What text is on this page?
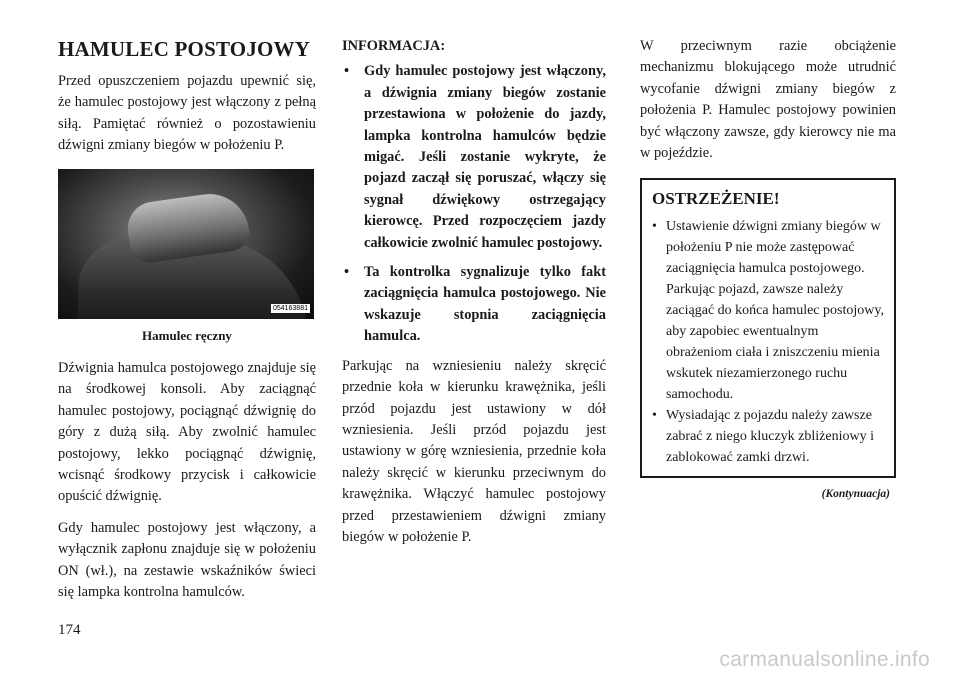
HAMULEC POSTOJOWY

Przed opuszczeniem pojazdu upewnić się, że hamulec postojowy jest włączony z pełną siłą. Pamiętać również o pozostawieniu dźwigni zmiany biegów w położeniu P.

054163881
Hamulec ręczny

Dźwignia hamulca postojowego znajduje się na środkowej konsoli. Aby zaciągnąć hamulec postojowy, pociągnąć dźwignię do góry z dużą siłą. Aby zwolnić hamulec postojowy, lekko pociągnąć dźwignię, wcisnąć środkowy przycisk i całkowicie opuścić dźwignię.

Gdy hamulec postojowy jest włączony, a wyłącznik zapłonu znajduje się w położeniu ON (wł.), na zestawie wskaźników świeci się lampka kontrolna hamulców.

INFORMACJA:
• Gdy hamulec postojowy jest włączony, a dźwignia zmiany biegów zostanie przestawiona w położenie do jazdy, lampka kontrolna hamulców będzie migać. Jeśli zostanie wykryte, że pojazd zaczął się poruszać, włączy się sygnał dźwiękowy ostrzegający kierowcę. Przed rozpoczęciem jazdy całkowicie zwolnić hamulec postojowy.
• Ta kontrolka sygnalizuje tylko fakt zaciągnięcia hamulca postojowego. Nie wskazuje stopnia zaciągnięcia hamulca.

Parkując na wzniesieniu należy skręcić przednie koła w kierunku krawężnika, jeśli przód pojazdu jest ustawiony w dół wzniesienia. Jeśli przód pojazdu jest ustawiony w górę wzniesienia, przednie koła należy skręcić w kierunku przeciwnym do krawężnika. Włączyć hamulec postojowy przed przestawieniem dźwigni zmiany biegów w położenie P.

W przeciwnym razie obciążenie mechanizmu blokującego może utrudnić wycofanie dźwigni zmiany biegów z położenia P. Hamulec postojowy powinien być włączony zawsze, gdy kierowcy nie ma w pojeździe.

OSTRZEŻENIE!
• Ustawienie dźwigni zmiany biegów w położeniu P nie może zastępować zaciągnięcia hamulca postojowego. Parkując pojazd, zawsze należy zaciągać do końca hamulec postojowy, aby zapobiec ewentualnym obrażeniom ciała i zniszczeniu mienia wskutek niezamierzonego ruchu samochodu.
• Wysiadając z pojazdu należy zawsze zabrać z niego kluczyk zbliżeniowy i zablokować zamki drzwi.
(Kontynuacja)
174
carmanualsonline.info
